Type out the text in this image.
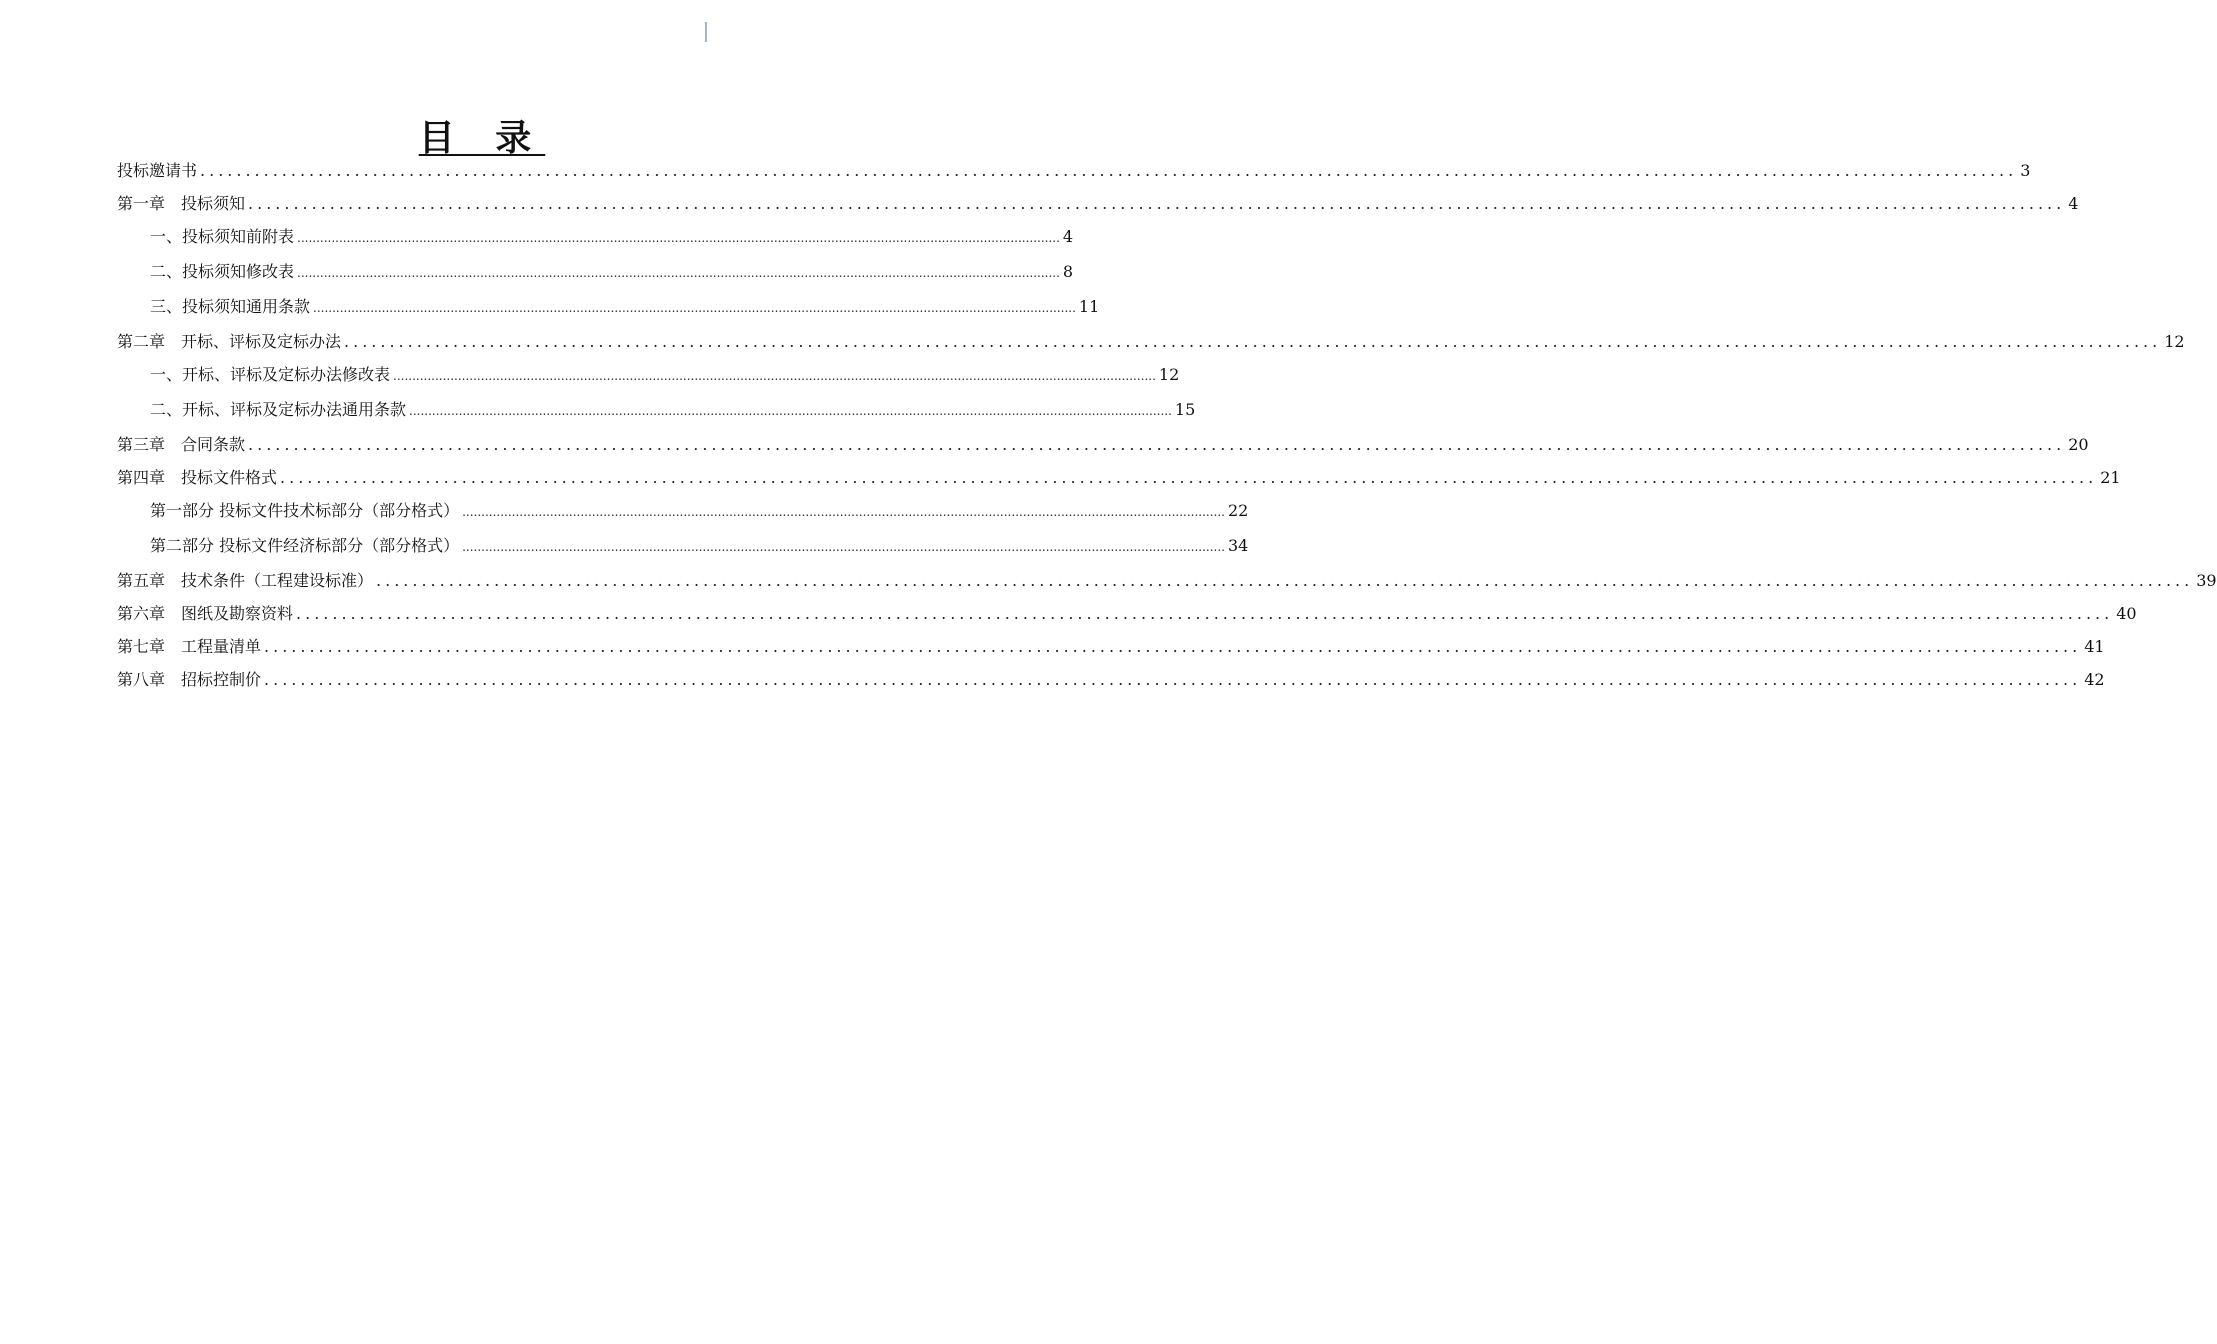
目 录
投标邀请书 ........................................................................................................................................................................................................ 3
第一章　投标须知 ........................................................................................................................................................................................................ 4
一、投标须知前附表 ........................................................................................................................................................................................................ 4
二、投标须知修改表 ........................................................................................................................................................................................................ 8
三、投标须知通用条款 ........................................................................................................................................................................................................ 11
第二章　开标、评标及定标办法 ........................................................................................................................................................................................................ 12
一、开标、评标及定标办法修改表 ........................................................................................................................................................................................................ 12
二、开标、评标及定标办法通用条款 ........................................................................................................................................................................................................ 15
第三章　合同条款 ........................................................................................................................................................................................................ 20
第四章　投标文件格式 ........................................................................................................................................................................................................ 21
第一部分 投标文件技术标部分（部分格式） ........................................................................................................................................................................................................ 22
第二部分 投标文件经济标部分（部分格式） ........................................................................................................................................................................................................ 34
第五章　技术条件（工程建设标准） ........................................................................................................................................................................................................ 39
第六章　图纸及勘察资料 ........................................................................................................................................................................................................ 40
第七章　工程量清单 ........................................................................................................................................................................................................ 41
第八章　招标控制价 ........................................................................................................................................................................................................ 42
